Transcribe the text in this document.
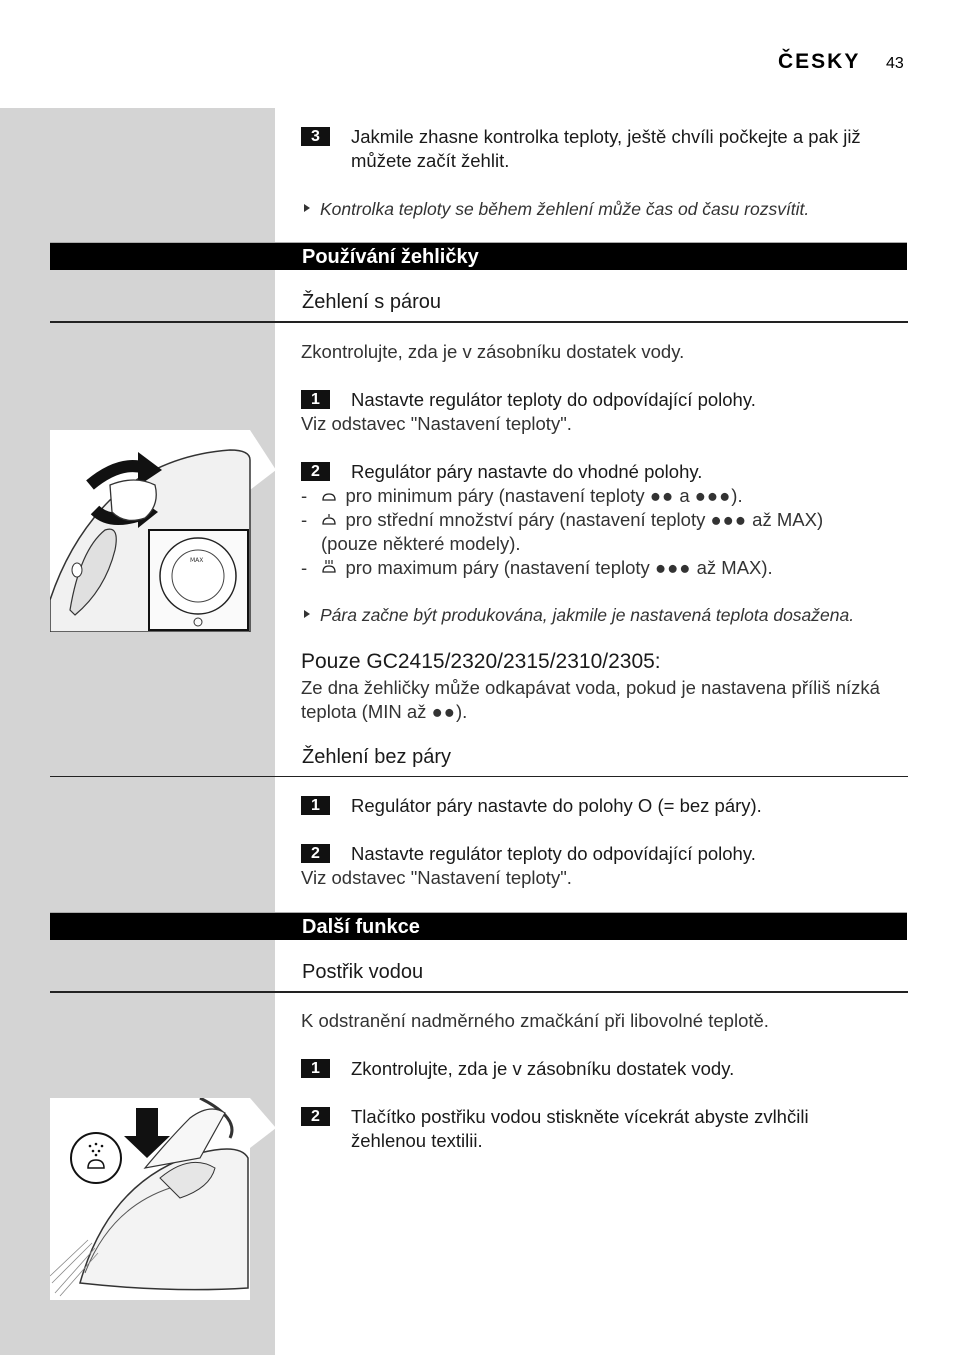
ČESKY 43
3	Jakmile zhasne kontrolka teploty, ještě chvíli počkejte a pak již
můžete začít žehlit.
Kontrolka teploty se během žehlení může čas od času rozsvítit.
Používání žehličky
Žehlení s párou
Zkontrolujte, zda je v zásobníku dostatek vody.
1	Nastavte regulátor teploty do odpovídající polohy.
Viz odstavec "Nastavení teploty".
2	Regulátor páry nastavte do vhodné polohy.
- pro minimum páry (nastavení teploty ●● a ●●●).
- pro střední množství páry (nastavení teploty ●●● až MAX)
(pouze některé modely).
- pro maximum páry (nastavení teploty ●●● až MAX).
Pára začne být produkována, jakmile je nastavená teplota dosažena.
Pouze GC2415/2320/2315/2310/2305:
Ze dna žehličky může odkapávat voda, pokud je nastavena příliš nízká
teplota (MIN až ●●).
Žehlení bez páry
1	Regulátor páry nastavte do polohy O (= bez páry).
2	Nastavte regulátor teploty do odpovídající polohy.
Viz odstavec "Nastavení teploty".
Další funkce
Postřik vodou
K odstranění nadměrného zmačkání při libovolné teplotě.
1	Zkontrolujte, zda je v zásobníku dostatek vody.
2	Tlačítko postřiku vodou stiskněte vícekrát abyste zvlhčili
žehlenou textilii.
MAX
